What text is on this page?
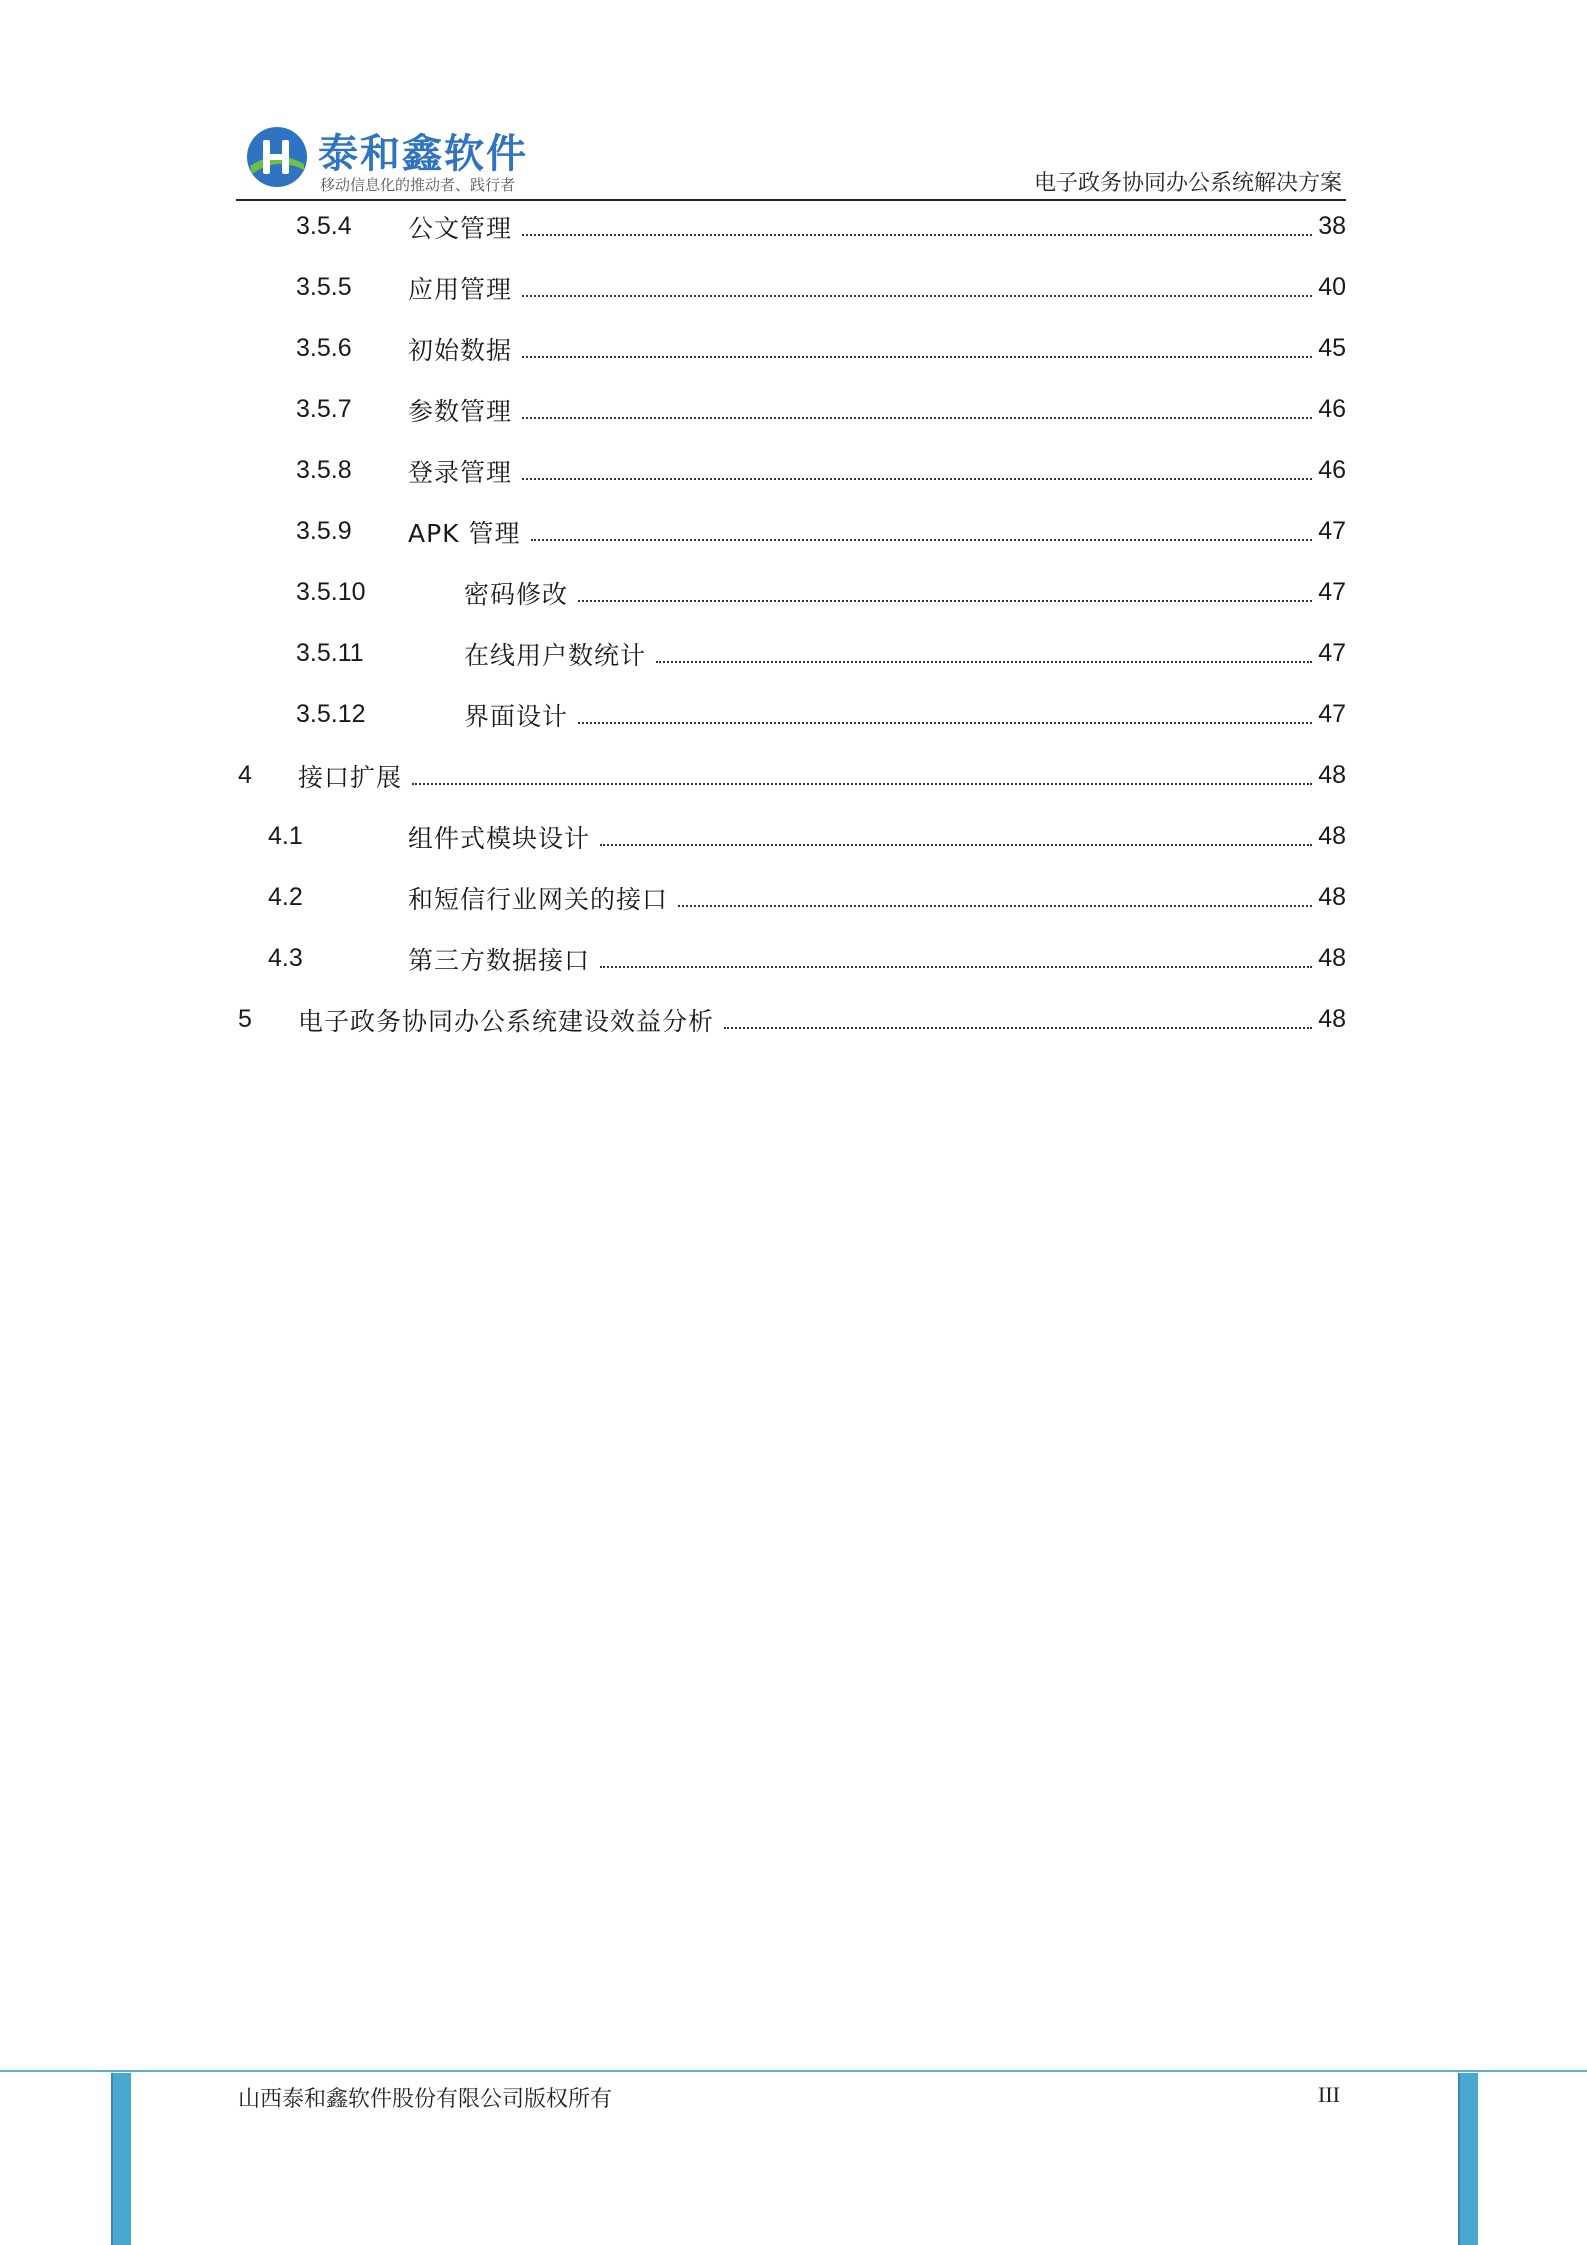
泰和鑫软件
移动信息化的推动者、践行者	电子政务协同办公系统解决方案
3.5.4 公文管理	38
3.5.5 应用管理	40
3.5.6 初始数据	45
3.5.7 参数管理	46
3.5.8 登录管理	46
3.5.9 APK 管理	47
3.5.10	密码修改	47
3.5.11	在线用户数统计	47
3.5.12	界面设计	47
4 接口扩展	48
4.1	组件式模块设计	48
4.2	和短信行业网关的接口	48
4.3	第三方数据接口	48
5 电子政务协同办公系统建设效益分析	48
山西泰和鑫软件股份有限公司版权所有	III
